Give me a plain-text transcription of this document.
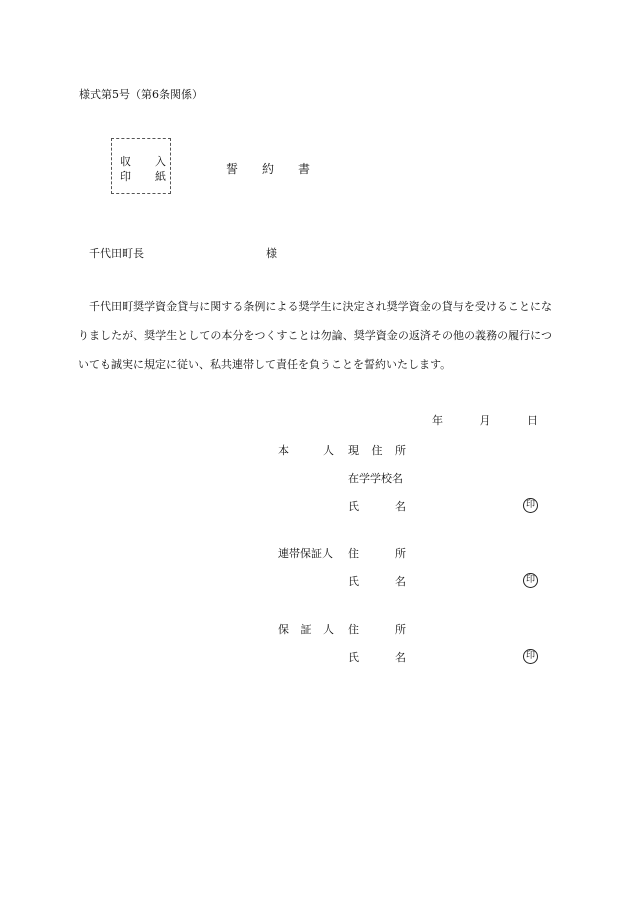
様式第5号（第6条関係）
収 入
印 紙
誓 約 書
千代田町長	様
千代田町奨学資金貸与に関する条例による奨学生に決定され奨学資金の貸与を受けることになりましたが、奨学生としての本分をつくすことは勿論、奨学資金の返済その他の義務の履行についても誠実に規定に従い、私共連帯して責任を負うことを誓約いたします。
年	月	日
本	人 現 住 所
在学学校名
氏	名	印
連帯保証人 住	所
氏	名	印
保 証 人 住	所
氏	名	印
